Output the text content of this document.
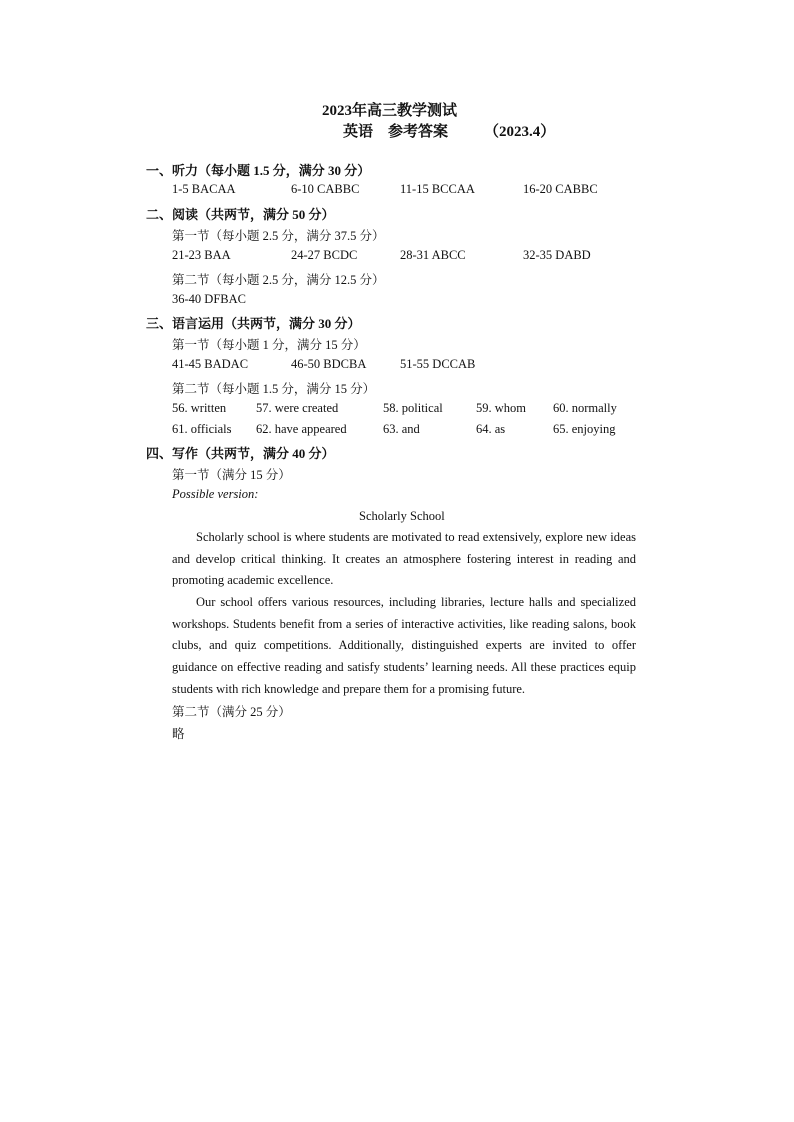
2023年高三教学测试
英语　参考答案 （2023.4）
一、听力（每小题 1.5 分，满分 30 分）
1-5 BACAA	6-10 CABBC	11-15 BCCAA	16-20 CABBC
二、阅读（共两节，满分 50 分）
第一节（每小题 2.5 分，满分 37.5 分）
21-23 BAA	24-27 BCDC	28-31 ABCC	32-35 DABD
第二节（每小题 2.5 分，满分 12.5 分）
36-40 DFBAC
三、语言运用（共两节，满分 30 分）
第一节（每小题 1 分，满分 15 分）
41-45 BADAC	46-50 BDCBA	51-55 DCCAB
第二节（每小题 1.5 分，满分 15 分）
56. written 57. were created	58. political	59. whom 60. normally
61. officials 62. have appeared	63. and	64. as	65. enjoying
四、写作（共两节，满分 40 分）
第一节（满分 15 分）
Possible version:
Scholarly School

Scholarly school is where students are motivated to read extensively, explore new ideas and develop critical thinking. It creates an atmosphere fostering interest in reading and promoting academic excellence.

Our school offers various resources, including libraries, lecture halls and specialized workshops. Students benefit from a series of interactive activities, like reading salons, book clubs, and quiz competitions. Additionally, distinguished experts are invited to offer guidance on effective reading and satisfy students’ learning needs. All these practices equip students with rich knowledge and prepare them for a promising future.

第二节（满分 25 分）
略
